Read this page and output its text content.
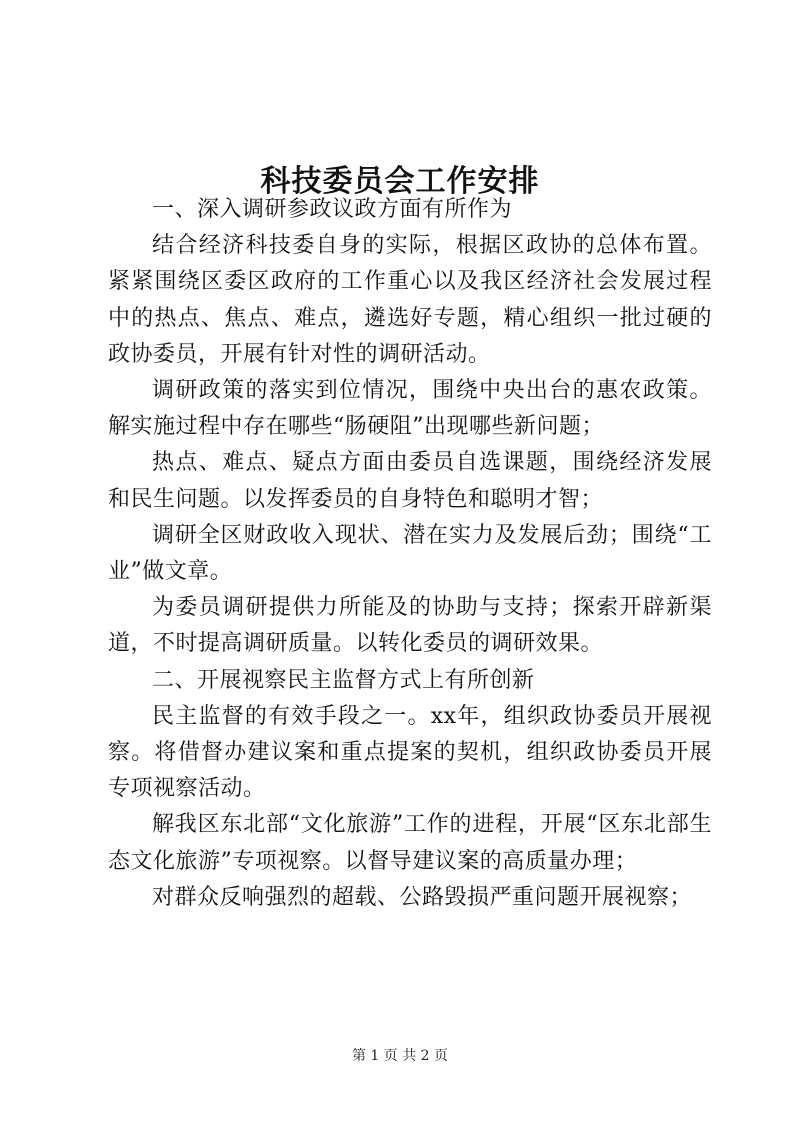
科技委员会工作安排

一、深入调研参政议政方面有所作为

结合经济科技委自身的实际，根据区政协的总体布置。紧紧围绕区委区政府的工作重心以及我区经济社会发展过程中的热点、焦点、难点，遴选好专题，精心组织一批过硬的政协委员，开展有针对性的调研活动。

调研政策的落实到位情况，围绕中央出台的惠农政策。解实施过程中存在哪些“肠硬阻”出现哪些新问题；

热点、难点、疑点方面由委员自选课题，围绕经济发展和民生问题。以发挥委员的自身特色和聪明才智；

调研全区财政收入现状、潜在实力及发展后劲；围绕“工业”做文章。

为委员调研提供力所能及的协助与支持；探索开辟新渠道，不时提高调研质量。以转化委员的调研效果。

二、开展视察民主监督方式上有所创新

民主监督的有效手段之一。xx年，组织政协委员开展视察。将借督办建议案和重点提案的契机，组织政协委员开展专项视察活动。

解我区东北部“文化旅游”工作的进程，开展“区东北部生态文化旅游”专项视察。以督导建议案的高质量办理；

对群众反响强烈的超载、公路毁损严重问题开展视察；

第 1 页 共 2 页
